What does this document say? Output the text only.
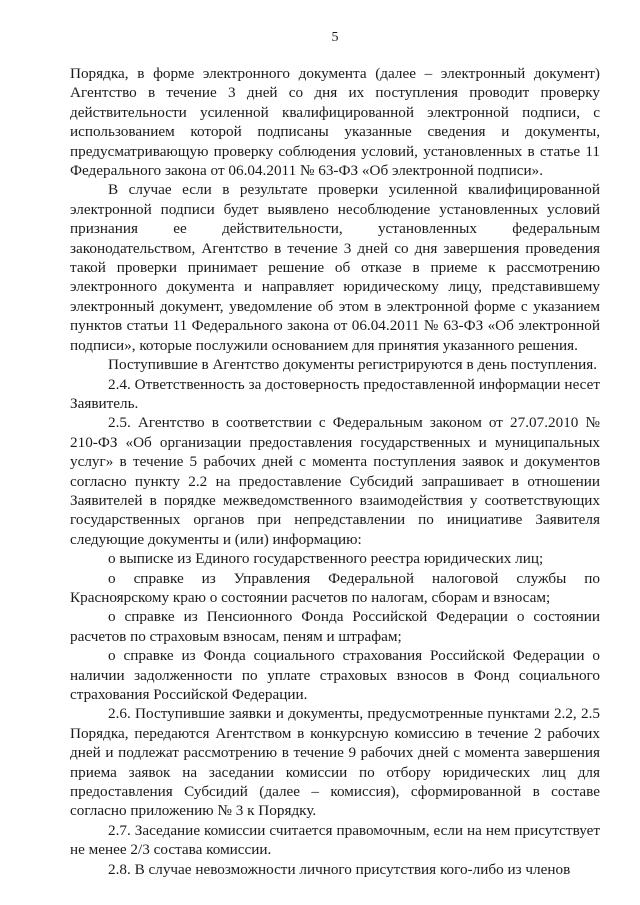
5

Порядка, в форме электронного документа (далее – электронный документ) Агентство в течение 3 дней со дня их поступления проводит проверку действительности усиленной квалифицированной электронной подписи, с использованием которой подписаны указанные сведения и документы, предусматривающую проверку соблюдения условий, установленных в статье 11 Федерального закона от 06.04.2011 № 63-ФЗ «Об электронной подписи».

В случае если в результате проверки усиленной квалифицированной электронной подписи будет выявлено несоблюдение установленных условий признания ее действительности, установленных федеральным законодательством, Агентство в течение 3 дней со дня завершения проведения такой проверки принимает решение об отказе в приеме к рассмотрению электронного документа и направляет юридическому лицу, представившему электронный документ, уведомление об этом в электронной форме с указанием пунктов статьи 11 Федерального закона от 06.04.2011 № 63-ФЗ «Об электронной подписи», которые послужили основанием для принятия указанного решения.

Поступившие в Агентство документы регистрируются в день поступления.

2.4. Ответственность за достоверность предоставленной информации несет Заявитель.

2.5. Агентство в соответствии с Федеральным законом от 27.07.2010 № 210-ФЗ «Об организации предоставления государственных и муниципальных услуг» в течение 5 рабочих дней с момента поступления заявок и документов согласно пункту 2.2 на предоставление Субсидий запрашивает в отношении Заявителей в порядке межведомственного взаимодействия у соответствующих государственных органов при непредставлении по инициативе Заявителя следующие документы и (или) информацию:

о выписке из Единого государственного реестра юридических лиц;

о справке из Управления Федеральной налоговой службы по Красноярскому краю о состоянии расчетов по налогам, сборам и взносам;

о справке из Пенсионного Фонда Российской Федерации о состоянии расчетов по страховым взносам, пеням и штрафам;

о справке из Фонда социального страхования Российской Федерации о наличии задолженности по уплате страховых взносов в Фонд социального страхования Российской Федерации.

2.6. Поступившие заявки и документы, предусмотренные пунктами 2.2, 2.5 Порядка, передаются Агентством в конкурсную комиссию в течение 2 рабочих дней и подлежат рассмотрению в течение 9 рабочих дней с момента завершения приема заявок на заседании комиссии по отбору юридических лиц для предоставления Субсидий (далее – комиссия), сформированной в составе согласно приложению № 3 к Порядку.

2.7. Заседание комиссии считается правомочным, если на нем присутствует не менее 2/3 состава комиссии.

2.8. В случае невозможности личного присутствия кого-либо из членов
